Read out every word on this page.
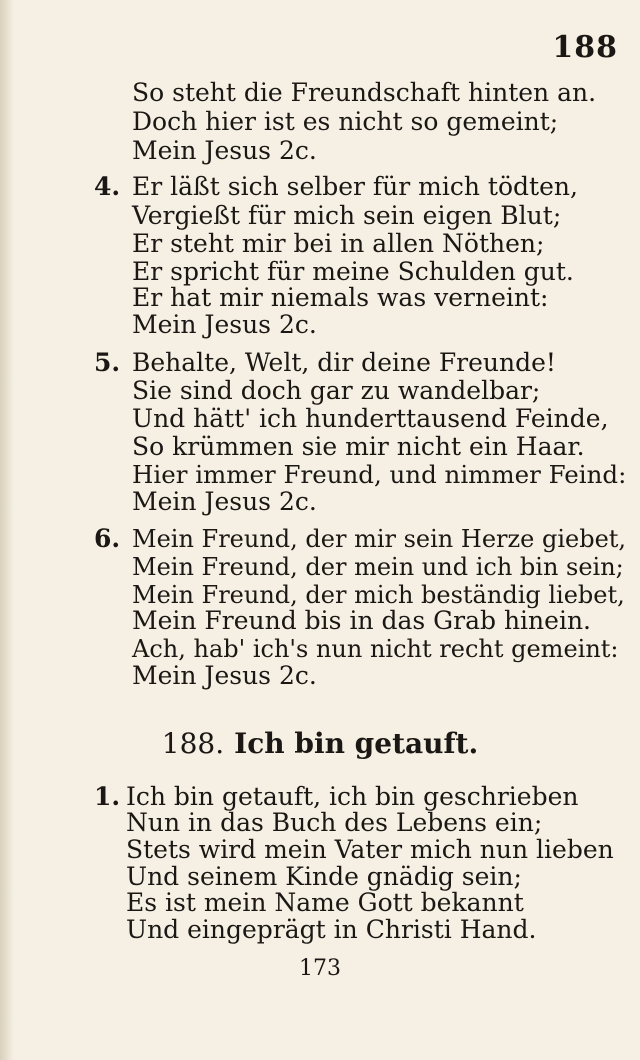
188
So steht die Freundschaft hinten an.
Doch hier ist es nicht so gemeint;
Mein Jesus 2c.
4. Er läßt sich selber für mich tödten,
Vergießt für mich sein eigen Blut;
Er steht mir bei in allen Nöthen;
Er spricht für meine Schulden gut.
Er hat mir niemals was verneint:
Mein Jesus 2c.
5. Behalte, Welt, dir deine Freunde!
Sie sind doch gar zu wandelbar;
Und hätt' ich hunderttausend Feinde,
So krümmen sie mir nicht ein Haar.
Hier immer Freund, und nimmer Feind:
Mein Jesus 2c.
6. Mein Freund, der mir sein Herze giebet,
Mein Freund, der mein und ich bin sein;
Mein Freund, der mich beständig liebet,
Mein Freund bis in das Grab hinein.
Ach, hab' ich's nun nicht recht gemeint:
Mein Jesus 2c.
188. Ich bin getauft.
1. Ich bin getauft, ich bin geschrieben
Nun in das Buch des Lebens ein;
Stets wird mein Vater mich nun lieben
Und seinem Kinde gnädig sein;
Es ist mein Name Gott bekannt
Und eingeprägt in Christi Hand.
173
